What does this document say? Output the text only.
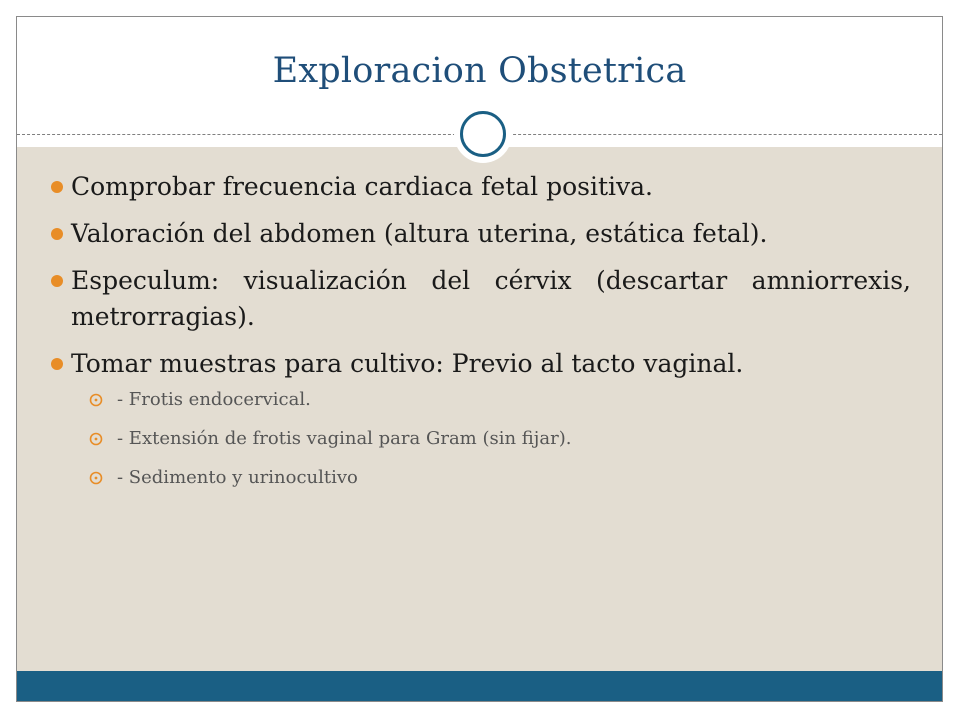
Exploracion Obstetrica
Comprobar frecuencia cardiaca fetal positiva.
Valoración del abdomen (altura uterina, estática fetal).
Especulum: visualización del cérvix (descartar amniorrexis, metrorragias).
Tomar muestras para cultivo: Previo al tacto vaginal.
- Frotis endocervical.
- Extensión de frotis vaginal para Gram (sin fijar).
- Sedimento y urinocultivo
